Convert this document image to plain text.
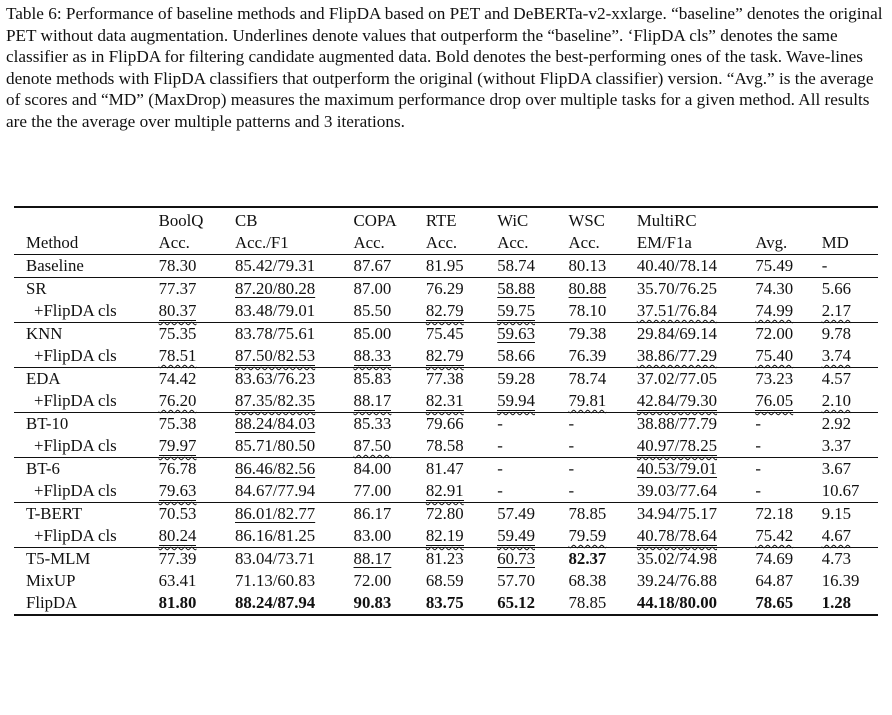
Table 6: Performance of baseline methods and FlipDA based on PET and DeBERTa-v2-xxlarge. “baseline” denotes the original PET without data augmentation. Underlines denote values that outperform the “baseline”. ‘FlipDA cls” denotes the same classifier as in FlipDA for filtering candidate augmented data. Bold denotes the best-performing ones of the task. Wave-lines denote methods with FlipDA classifiers that outperform the original (without FlipDA classifier) version. “Avg.” is the average of scores and “MD” (MaxDrop) measures the maximum performance drop over multiple tasks for a given method. All results are the the average over multiple patterns and 3 iterations.

	BoolQ	CB	COPA	RTE	WiC	WSC	MultiRC		
Method	Acc.	Acc./F1	Acc.	Acc.	Acc.	Acc.	EM/F1a	Avg.	MD
Baseline	78.30	85.42/79.31	87.67	81.95	58.74	80.13	40.40/78.14	75.49	-
SR	77.37	87.20/80.28	87.00	76.29	58.88	80.88	35.70/76.25	74.30	5.66
+FlipDA cls	80.37	83.48/79.01	85.50	82.79	59.75	78.10	37.51/76.84	74.99	2.17
KNN	75.35	83.78/75.61	85.00	75.45	59.63	79.38	29.84/69.14	72.00	9.78
+FlipDA cls	78.51	87.50/82.53	88.33	82.79	58.66	76.39	38.86/77.29	75.40	3.74
EDA	74.42	83.63/76.23	85.83	77.38	59.28	78.74	37.02/77.05	73.23	4.57
+FlipDA cls	76.20	87.35/82.35	88.17	82.31	59.94	79.81	42.84/79.30	76.05	2.10
BT-10	75.38	88.24/84.03	85.33	79.66	-	-	38.88/77.79	-	2.92
+FlipDA cls	79.97	85.71/80.50	87.50	78.58	-	-	40.97/78.25	-	3.37
BT-6	76.78	86.46/82.56	84.00	81.47	-	-	40.53/79.01	-	3.67
+FlipDA cls	79.63	84.67/77.94	77.00	82.91	-	-	39.03/77.64	-	10.67
T-BERT	70.53	86.01/82.77	86.17	72.80	57.49	78.85	34.94/75.17	72.18	9.15
+FlipDA cls	80.24	86.16/81.25	83.00	82.19	59.49	79.59	40.78/78.64	75.42	4.67
T5-MLM	77.39	83.04/73.71	88.17	81.23	60.73	82.37	35.02/74.98	74.69	4.73
MixUP	63.41	71.13/60.83	72.00	68.59	57.70	68.38	39.24/76.88	64.87	16.39
FlipDA	81.80	88.24/87.94	90.83	83.75	65.12	78.85	44.18/80.00	78.65	1.28
